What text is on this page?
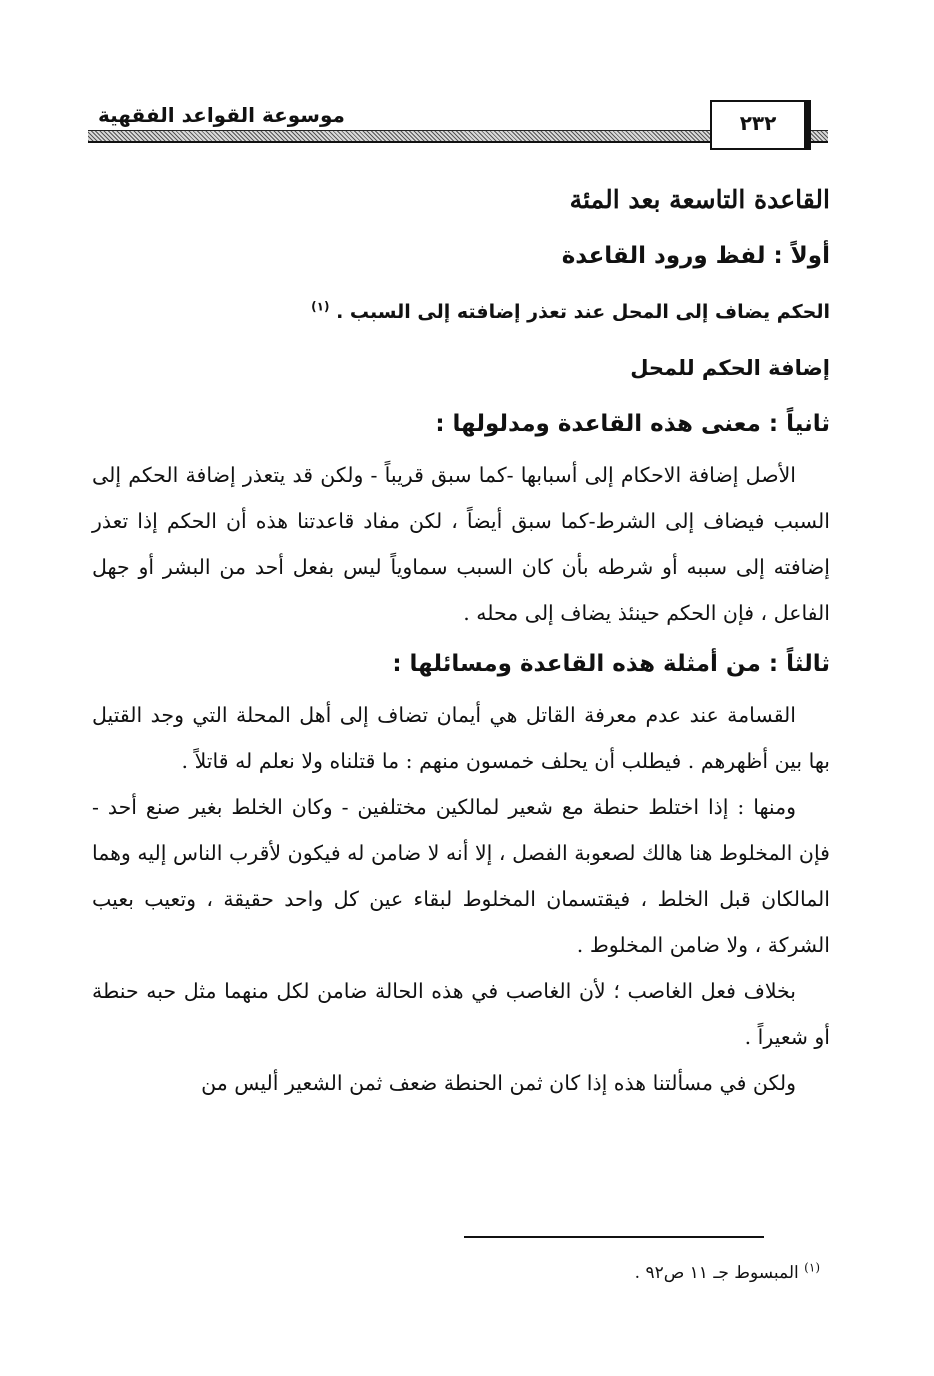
موسوعة القواعد الفقهية	٢٣٢
القاعدة التاسعة بعد المئة
أولاً : لفظ ورود القاعدة

الحكم يضاف إلى المحل عند تعذر إضافته إلى السبب . $^{(١)}$

إضافة الحكم للمحل
ثانياً : معنى هذه القاعدة ومدلولها :

الأصل إضافة الاحكام إلى أسبابها -كما سبق قريباً - ولكن قد يتعذر إضافة الحكم إلى السبب فيضاف إلى الشرط-كما سبق أيضاً ، لكن مفاد قاعدتنا هذه أن الحكم إذا تعذر إضافته إلى سببه أو شرطه بأن كان السبب سماوياً ليس بفعل أحد من البشر أو جهل الفاعل ، فإن الحكم حينئذ يضاف إلى محله .

ثالثاً : من أمثلة هذه القاعدة ومسائلها :

القسامة عند عدم معرفة القاتل هي أيمان تضاف إلى أهل المحلة التي وجد القتيل بها بين أظهرهم . فيطلب أن يحلف خمسون منهم : ما قتلناه ولا نعلم له قاتلاً .

ومنها : إذا اختلط حنطة مع شعير لمالكين مختلفين - وكان الخلط بغير صنع أحد - فإن المخلوط هنا هالك لصعوبة الفصل ، إلا أنه لا ضامن له فيكون لأقرب الناس إليه وهما المالكان قبل الخلط ، فيقتسمان المخلوط لبقاء عين كل واحد حقيقة ، وتعيب بعيب الشركة ، ولا ضامن المخلوط .

بخلاف فعل الغاصب ؛ لأن الغاصب في هذه الحالة ضامن لكل منهما مثل حبه حنطة أو شعيراً .

ولكن في مسألتنا هذه إذا كان ثمن الحنطة ضعف ثمن الشعير أليس من

$^{(١)}$ المبسوط جـ ١١ ص٩٢ .
